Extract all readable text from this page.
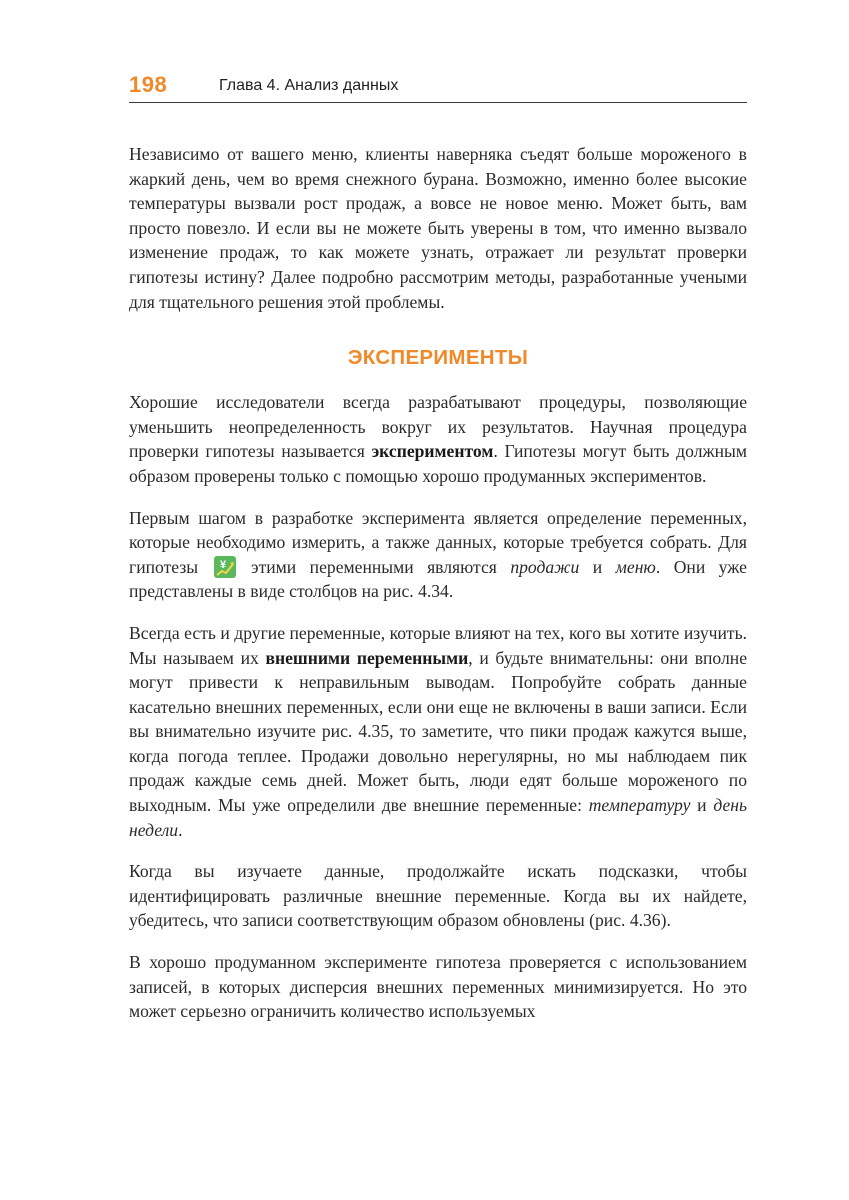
198	Глава 4. Анализ данных

Независимо от вашего меню, клиенты наверняка съедят больше мороженого в жаркий день, чем во время снежного бурана. Возможно, именно более высокие температуры вызвали рост продаж, а вовсе не новое меню. Может быть, вам просто повезло. И если вы не можете быть уверены в том, что именно вызвало изменение продаж, то как можете узнать, отражает ли результат проверки гипотезы истину? Далее подробно рассмотрим методы, разработанные учеными для тщательного решения этой проблемы.

ЭКСПЕРИМЕНТЫ

Хорошие исследователи всегда разрабатывают процедуры, позволяющие уменьшить неопределенность вокруг их результатов. Научная процедура проверки гипотезы называется экспериментом. Гипотезы могут быть должным образом проверены только с помощью хорошо продуманных экспериментов.

Первым шагом в разработке эксперимента является определение переменных, которые необходимо измерить, а также данных, которые требуется собрать. Для гипотезы ¥ этими переменными являются продажи и меню. Они уже представлены в виде столбцов на рис. 4.34.

Всегда есть и другие переменные, которые влияют на тех, кого вы хотите изучить. Мы называем их внешними переменными, и будьте внимательны: они вполне могут привести к неправильным выводам. Попробуйте собрать данные касательно внешних переменных, если они еще не включены в ваши записи. Если вы внимательно изучите рис. 4.35, то заметите, что пики продаж кажутся выше, когда погода теплее. Продажи довольно нерегулярны, но мы наблюдаем пик продаж каждые семь дней. Может быть, люди едят больше мороженого по выходным. Мы уже определили две внешние переменные: температуру и день недели.

Когда вы изучаете данные, продолжайте искать подсказки, чтобы идентифицировать различные внешние переменные. Когда вы их найдете, убедитесь, что записи соответствующим образом обновлены (рис. 4.36).

В хорошо продуманном эксперименте гипотеза проверяется с использованием записей, в которых дисперсия внешних переменных минимизируется. Но это может серьезно ограничить количество используемых
